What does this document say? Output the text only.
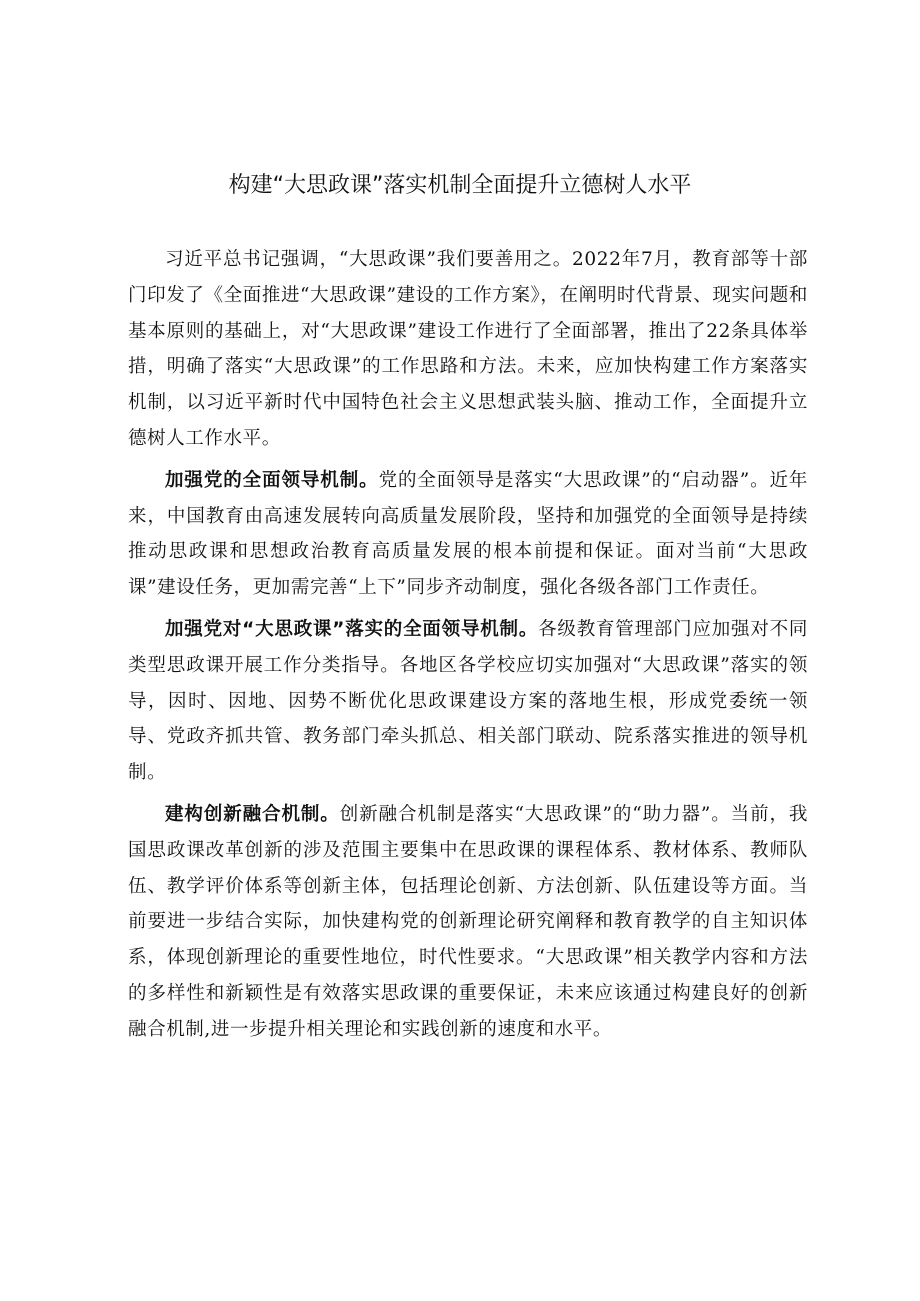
构建“大思政课”落实机制全面提升立德树人水平

习近平总书记强调，“大思政课”我们要善用之。2022年7月，教育部等十部门印发了《全面推进“大思政课”建设的工作方案》，在阐明时代背景、现实问题和基本原则的基础上，对“大思政课”建设工作进行了全面部署，推出了22条具体举措，明确了落实“大思政课”的工作思路和方法。未来，应加快构建工作方案落实机制，以习近平新时代中国特色社会主义思想武装头脑、推动工作，全面提升立德树人工作水平。

加强党的全面领导机制。党的全面领导是落实“大思政课”的“启动器”。近年来，中国教育由高速发展转向高质量发展阶段，坚持和加强党的全面领导是持续推动思政课和思想政治教育高质量发展的根本前提和保证。面对当前“大思政课”建设任务，更加需完善“上下”同步齐动制度，强化各级各部门工作责任。

加强党对“大思政课”落实的全面领导机制。各级教育管理部门应加强对不同类型思政课开展工作分类指导。各地区各学校应切实加强对“大思政课”落实的领导，因时、因地、因势不断优化思政课建设方案的落地生根，形成党委统一领导、党政齐抓共管、教务部门牵头抓总、相关部门联动、院系落实推进的领导机制。

建构创新融合机制。创新融合机制是落实“大思政课”的“助力器”。当前，我国思政课改革创新的涉及范围主要集中在思政课的课程体系、教材体系、教师队伍、教学评价体系等创新主体，包括理论创新、方法创新、队伍建设等方面。当前要进一步结合实际，加快建构党的创新理论研究阐释和教育教学的自主知识体系，体现创新理论的重要性地位，时代性要求。“大思政课”相关教学内容和方法的多样性和新颖性是有效落实思政课的重要保证，未来应该通过构建良好的创新融合机制,进一步提升相关理论和实践创新的速度和水平。
